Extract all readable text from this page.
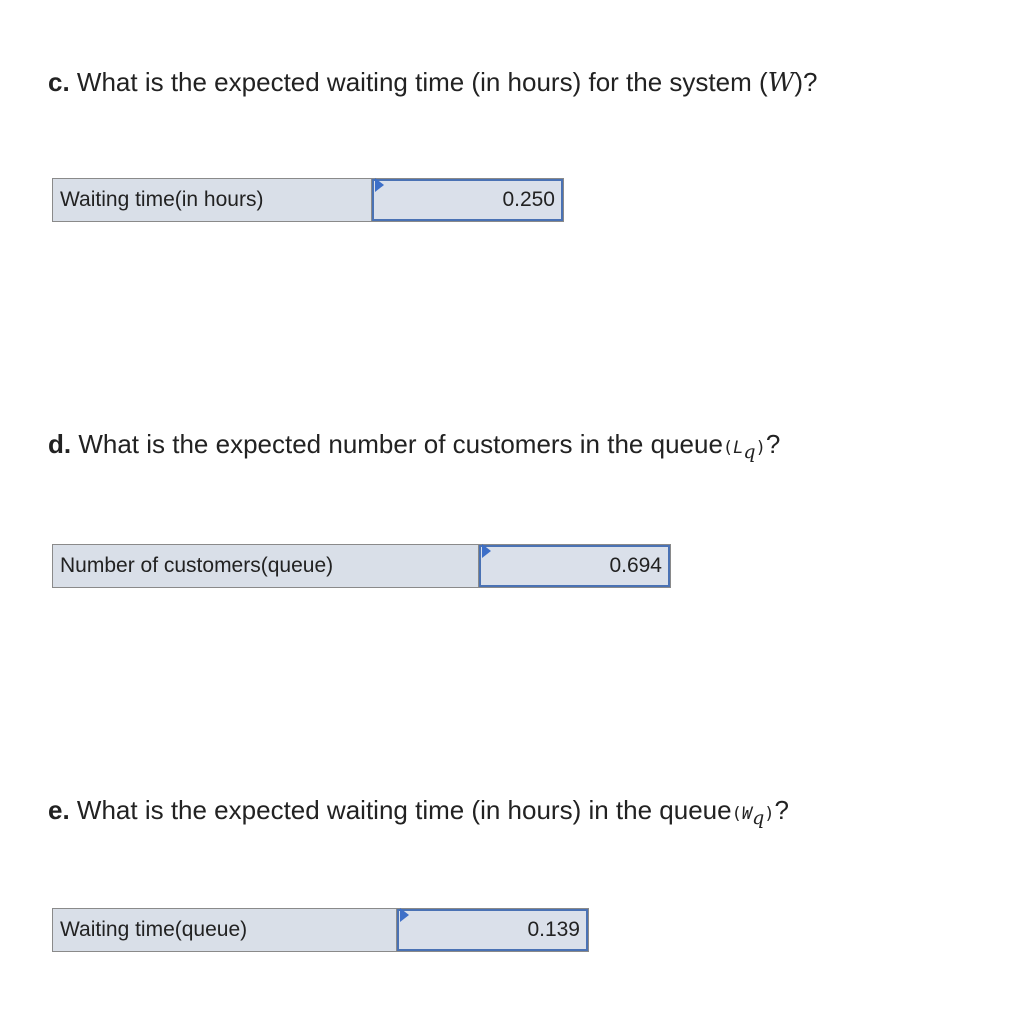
c. What is the expected waiting time (in hours) for the system (W)?
Waiting time(in hours)
0.250
d. What is the expected number of customers in the $queue(L_q)$?
Number of customers(queue)
0.694
e. What is the expected waiting time (in hours) in the $queue(W_q)$?
Waiting time(queue)
0.139
